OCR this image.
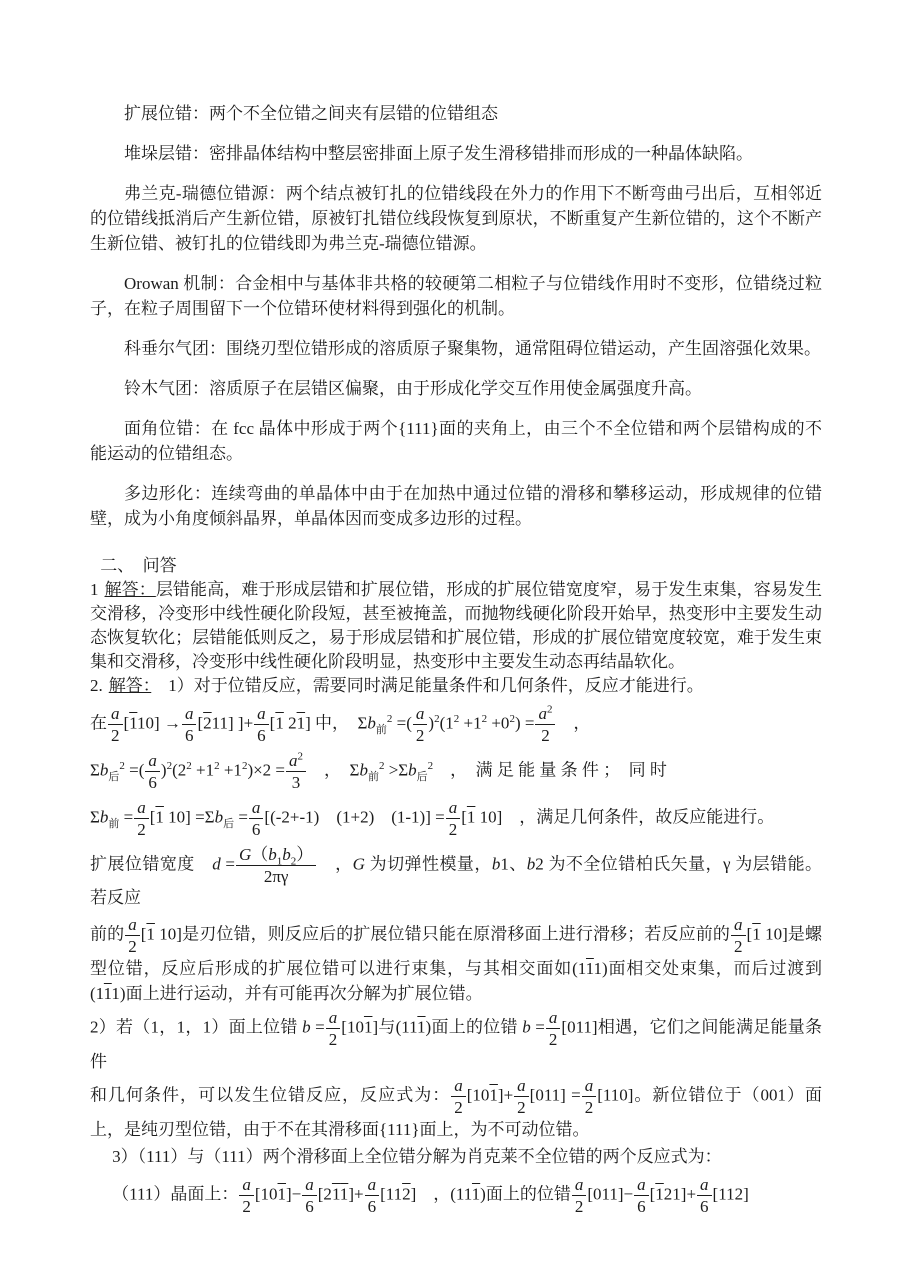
扩展位错：两个不全位错之间夹有层错的位错组态

堆垛层错：密排晶体结构中整层密排面上原子发生滑移错排而形成的一种晶体缺陷。

弗兰克-瑞德位错源：两个结点被钉扎的位错线段在外力的作用下不断弯曲弓出后，互相邻近的位错线抵消后产生新位错，原被钉扎错位线段恢复到原状，不断重复产生新位错的，这个不断产生新位错、被钉扎的位错线即为弗兰克-瑞德位错源。

Orowan 机制：合金相中与基体非共格的较硬第二相粒子与位错线作用时不变形，位错绕过粒子，在粒子周围留下一个位错环使材料得到强化的机制。

科垂尔气团：围绕刃型位错形成的溶质原子聚集物，通常阻碍位错运动，产生固溶强化效果。

铃木气团：溶质原子在层错区偏聚，由于形成化学交互作用使金属强度升高。

面角位错：在 fcc 晶体中形成于两个{111}面的夹角上，由三个不全位错和两个层错构成的不能运动的位错组态。

多边形化：连续弯曲的单晶体中由于在加热中通过位错的滑移和攀移运动，形成规律的位错壁，成为小角度倾斜晶界，单晶体因而变成多边形的过程。

二、　问答

1 解答：层错能高，难于形成层错和扩展位错，形成的扩展位错宽度窄，易于发生束集，容易发生交滑移，冷变形中线性硬化阶段短，甚至被掩盖，而抛物线硬化阶段开始早，热变形中主要发生动态恢复软化；层错能低则反之，易于形成层错和扩展位错，形成的扩展位错宽度较宽，难于发生束集和交滑移，冷变形中线性硬化阶段明显，热变形中主要发生动态再结晶软化。

2. 解答：　1）对于位错反应，需要同时满足能量条件和几何条件，反应才能进行。

在 $\frac{a}{2} [110] \to \frac{a}{6} [211]$ ]+ $\frac{a}{6} [1$ 21] 中，　$\Sigma b_前^2$ =( $\frac{a}{2} )^2(1^2 +1^2 +0^2) = \frac{a^2}{2}$ 　，

$\Sigma b_后^2$ =( $\frac{a}{6} )^2(2^2 +1^2 +1^2)\times 2 = \frac{a^2}{3}$ 　，　$\Sigma b_前^2 >\Sigma b_后^2$　，　满 足 能 量 条 件 ；　同 时

$\Sigma b_前 = \frac{a}{2} [1$ $10] =\Sigma b_后 = \frac{a}{6} [(-2+-1)$　(1+2)　$(1-1)] = \frac{a}{2} [1$ 10]　，满足几何条件，故反应能进行。

扩展位错宽度　$d = \frac{G(b_1b_2)}{2\pi\gamma}$ 　，G 为切弹性模量，b1、b2 为不全位错柏氏矢量，γ 为层错能。若反应

前的 $\frac{a}{2} [1$ 10]是刃位错，则反应后的扩展位错只能在原滑移面上进行滑移；若反应前的 $\frac{a}{2} [1$ 10]是螺型位错，反应后形成的扩展位错可以进行束集，与其相交面如(111)面相交处束集，而后过渡到(111)面上进行运动，并有可能再次分解为扩展位错。

2）若（1，1，1）面上位错 $b = \frac{a}{2} [101]$与(111)面上的位错 $b = \frac{a}{2} [011]$相遇，它们之间能满足能量条件

和几何条件，可以发生位错反应，反应式为： $\frac{a}{2} [101]+ \frac{a}{2} [011] = \frac{a}{2} [110]$。新位错位于（001）面上，是纯刃型位错，由于不在其滑移面{111}面上，为不可动位错。

3）（111）与（111）两个滑移面上全位错分解为肖克莱不全位错的两个反应式为：

（111）晶面上： $\frac{a}{2} [101]- \frac{a}{6} [211]+ \frac{a}{6} [112]$　，(111)面上的位错 $\frac{a}{2} [011]- \frac{a}{6} [121]+ \frac{a}{6} [112]$
